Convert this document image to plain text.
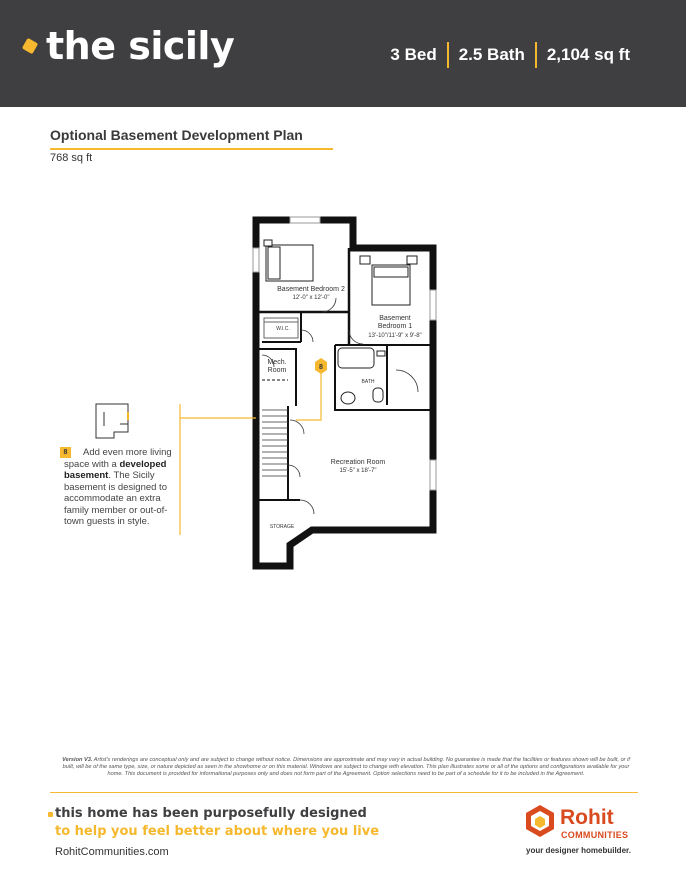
the sicily	3 Bed 2.5 Bath 2,104 sq ft
Optional Basement Development Plan
768 sq ft
8
Basement Bedroom 2
12'-0" x 12'-0"
W.I.C.
Basement
Bedroom 1
13'-10"/11'-9" x 9'-8"
Mech.
Room
BATH
Recreation Room
15'-5" x 18'-7"
STORAGE
8
  	Add even more living space with a developed basement. The Sicily basement is designed to accommodate an extra family member or out-of-town guests in style.
Version V3. Artist's renderings are conceptual only and are subject to change without notice. Dimensions are approximate and may vary in actual building. No guarantee is made that the facilities or features shown will be built, or if built, will be of the same type, size, or nature depicted as seen in the showhome or on this material. Windows are subject to change with elevation. This plan illustrates some or all of the options and configurations available for your home. This document is provided for informational purposes only and does not form part of the Agreement. Option selections need to be part of a schedule for it to be included in the Agreement.
this home has been purposefully designed
to help you feel better about where you live
RohitCommunities.com
Rohit
COMMUNITIES
your designer homebuilder.
